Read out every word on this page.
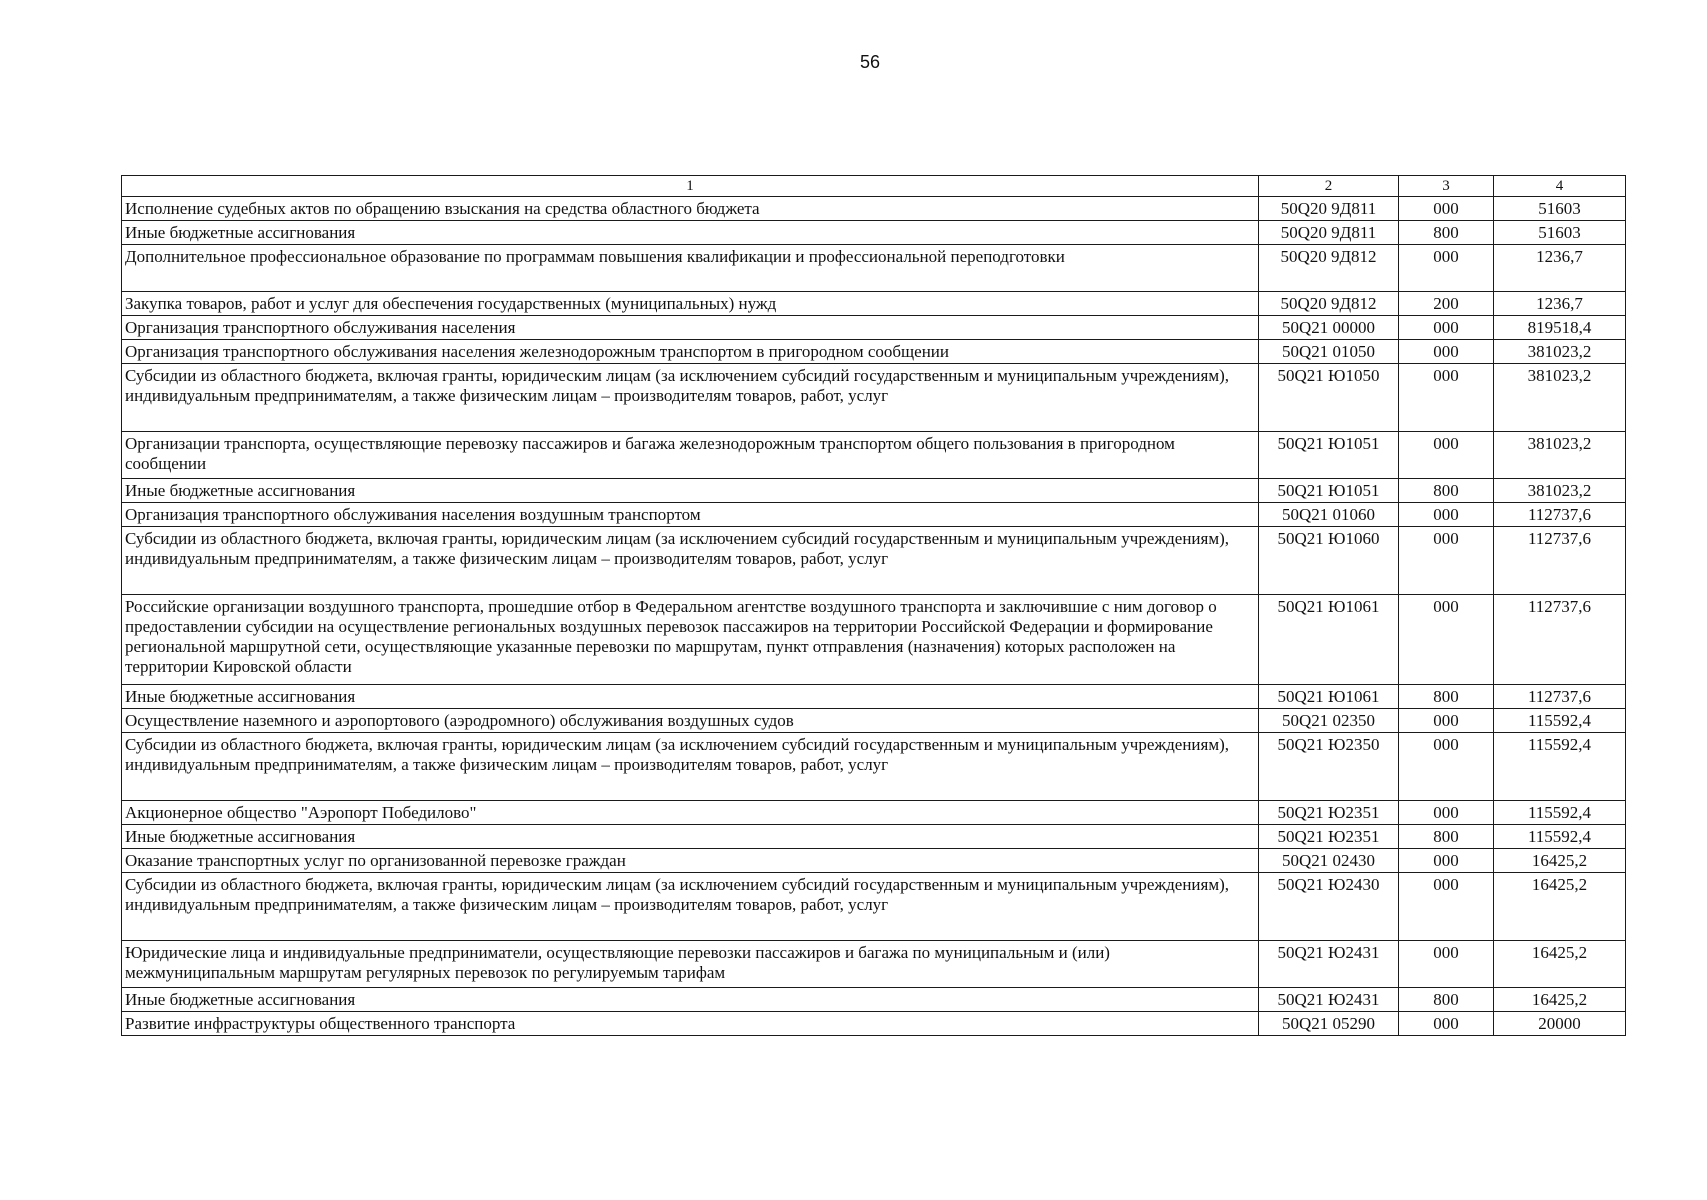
56
1	2	3	4
Исполнение судебных актов по обращению взыскания на средства областного бюджета	50Q20 9Д811	000	51603
Иные бюджетные ассигнования	50Q20 9Д811	800	51603
Дополнительное профессиональное образование по программам повышения квалификации и профессиональной переподготовки	50Q20 9Д812	000	1236,7
Закупка товаров, работ и услуг для обеспечения государственных (муниципальных) нужд	50Q20 9Д812	200	1236,7
Организация транспортного обслуживания населения	50Q21 00000	000	819518,4
Организация транспортного обслуживания населения железнодорожным транспортом в пригородном сообщении	50Q21 01050	000	381023,2
Субсидии из областного бюджета, включая гранты, юридическим лицам (за исключением субсидий государственным и муниципальным учреждениям), индивидуальным предпринимателям, а также физическим лицам – производителям товаров, работ, услуг	50Q21 Ю1050	000	381023,2
Организации транспорта, осуществляющие перевозку пассажиров и багажа железнодорожным транспортом общего пользования в пригородном сообщении	50Q21 Ю1051	000	381023,2
Иные бюджетные ассигнования	50Q21 Ю1051	800	381023,2
Организация транспортного обслуживания населения воздушным транспортом	50Q21 01060	000	112737,6
Субсидии из областного бюджета, включая гранты, юридическим лицам (за исключением субсидий государственным и муниципальным учреждениям), индивидуальным предпринимателям, а также физическим лицам – производителям товаров, работ, услуг	50Q21 Ю1060	000	112737,6
Российские организации воздушного транспорта, прошедшие отбор в Федеральном агентстве воздушного транспорта и заключившие с ним договор о предоставлении субсидии на осуществление региональных воздушных перевозок пассажиров на территории Российской Федерации и формирование региональной маршрутной сети, осуществляющие указанные перевозки по маршрутам, пункт отправления (назначения) которых расположен на территории Кировской области	50Q21 Ю1061	000	112737,6
Иные бюджетные ассигнования	50Q21 Ю1061	800	112737,6
Осуществление наземного и аэропортового (аэродромного) обслуживания воздушных судов	50Q21 02350	000	115592,4
Субсидии из областного бюджета, включая гранты, юридическим лицам (за исключением субсидий государственным и муниципальным учреждениям), индивидуальным предпринимателям, а также физическим лицам – производителям товаров, работ, услуг	50Q21 Ю2350	000	115592,4
Акционерное общество "Аэропорт Победилово"	50Q21 Ю2351	000	115592,4
Иные бюджетные ассигнования	50Q21 Ю2351	800	115592,4
Оказание транспортных услуг по организованной перевозке граждан	50Q21 02430	000	16425,2
Субсидии из областного бюджета, включая гранты, юридическим лицам (за исключением субсидий государственным и муниципальным учреждениям), индивидуальным предпринимателям, а также физическим лицам – производителям товаров, работ, услуг	50Q21 Ю2430	000	16425,2
Юридические лица и индивидуальные предприниматели, осуществляющие перевозки пассажиров и багажа по муниципальным и (или) межмуниципальным маршрутам регулярных перевозок по регулируемым тарифам	50Q21 Ю2431	000	16425,2
Иные бюджетные ассигнования	50Q21 Ю2431	800	16425,2
Развитие инфраструктуры общественного транспорта	50Q21 05290	000	20000
